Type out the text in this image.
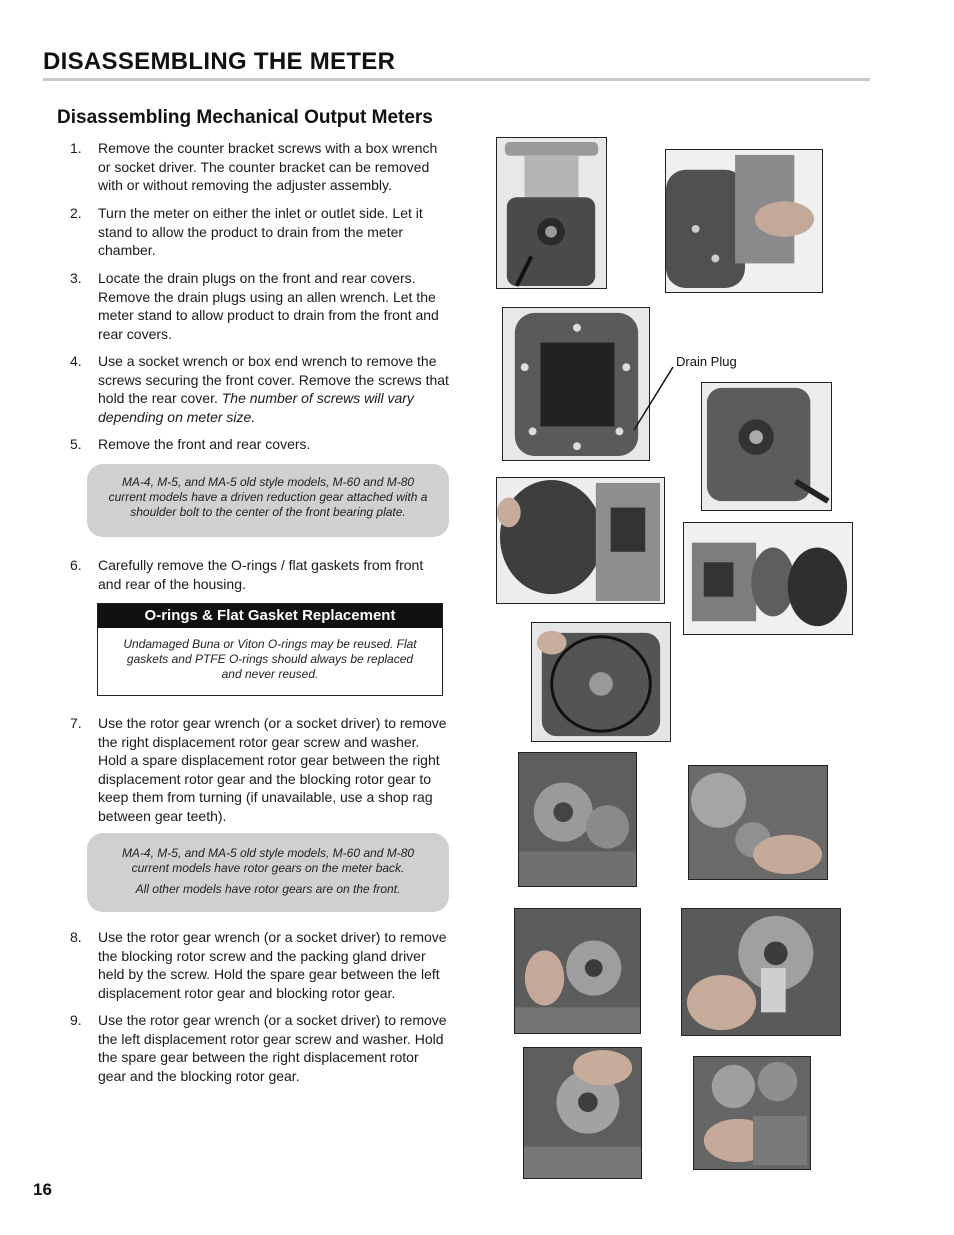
DISASSEMBLING THE METER
Disassembling Mechanical Output Meters
1. Remove the counter bracket screws with a box wrench or socket driver. The counter bracket can be removed with or without removing the adjuster assembly.
2. Turn the meter on either the inlet or outlet side. Let it stand to allow the product to drain from the meter chamber.
3. Locate the drain plugs on the front and rear covers. Remove the drain plugs using an allen wrench. Let the meter stand to allow product to drain from the front and rear covers.
4. Use a socket wrench or box end wrench to remove the screws securing the front cover. Remove the screws that hold the rear cover. The number of screws will vary depending on meter size.
5. Remove the front and rear covers.

MA-4, M-5, and MA-5 old style models, M-60 and M-80 current models have a driven reduction gear attached with a shoulder bolt to the center of the front bearing plate.

6. Carefully remove the O-rings / flat gaskets from front and rear of the housing.
O-rings & Flat Gasket Replacement
Undamaged Buna or Viton O-rings may be reused. Flat gaskets and PTFE O-rings should always be replaced and never reused.
7. Use the rotor gear wrench (or a socket driver) to remove the right displacement rotor gear screw and washer. Hold a spare displacement rotor gear between the right displacement rotor gear and the blocking rotor gear to keep them from turning (if unavailable, use a shop rag between gear teeth).

MA-4, M-5, and MA-5 old style models, M-60 and M-80 current models have rotor gears on the meter back.

All other models have rotor gears are on the front.

8. Use the rotor gear wrench (or a socket driver) to remove the blocking rotor screw and the packing gland driver held by the screw. Hold the spare gear between the left displacement rotor gear and blocking rotor gear.
9. Use the rotor gear wrench (or a socket driver) to remove the left displacement rotor gear screw and washer. Hold the spare gear between the right displacement rotor gear and the blocking rotor gear.
Drain Plug
16
